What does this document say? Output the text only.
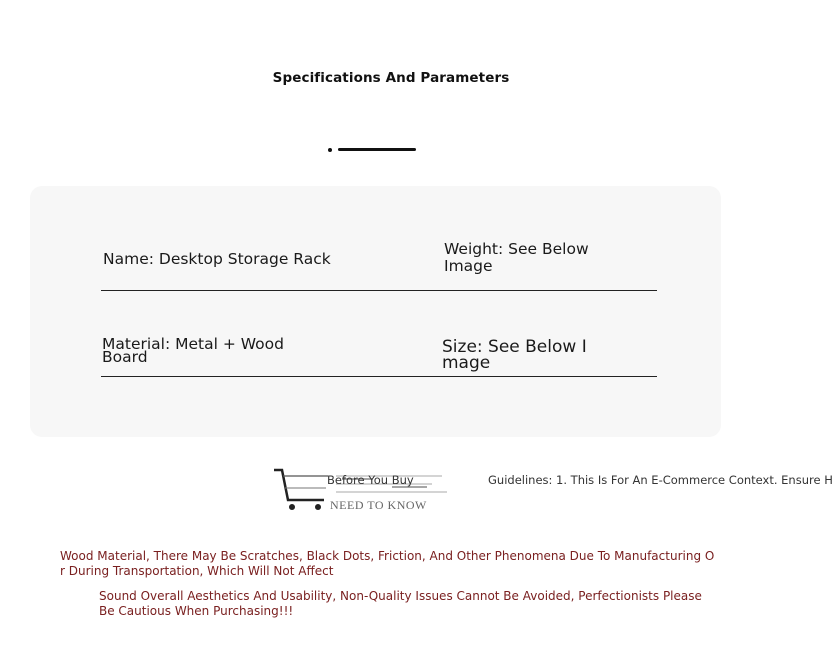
Specifications And Parameters
Name: Desktop Storage Rack
Weight: See Below
Image
Material: Metal + Wood
Board	Size: See Below I
mage
NEED TO KNOW
Before You Buy	Guidelines: 1. This Is For An E-Commerce Context. Ensure H
Wood Material, There May Be Scratches, Black Dots, Friction, And Other Phenomena Due To Manufacturing O
r During Transportation, Which Will Not Affect
Sound Overall Aesthetics And Usability, Non-Quality Issues Cannot Be Avoided, Perfectionists Please
Be Cautious When Purchasing!!!
